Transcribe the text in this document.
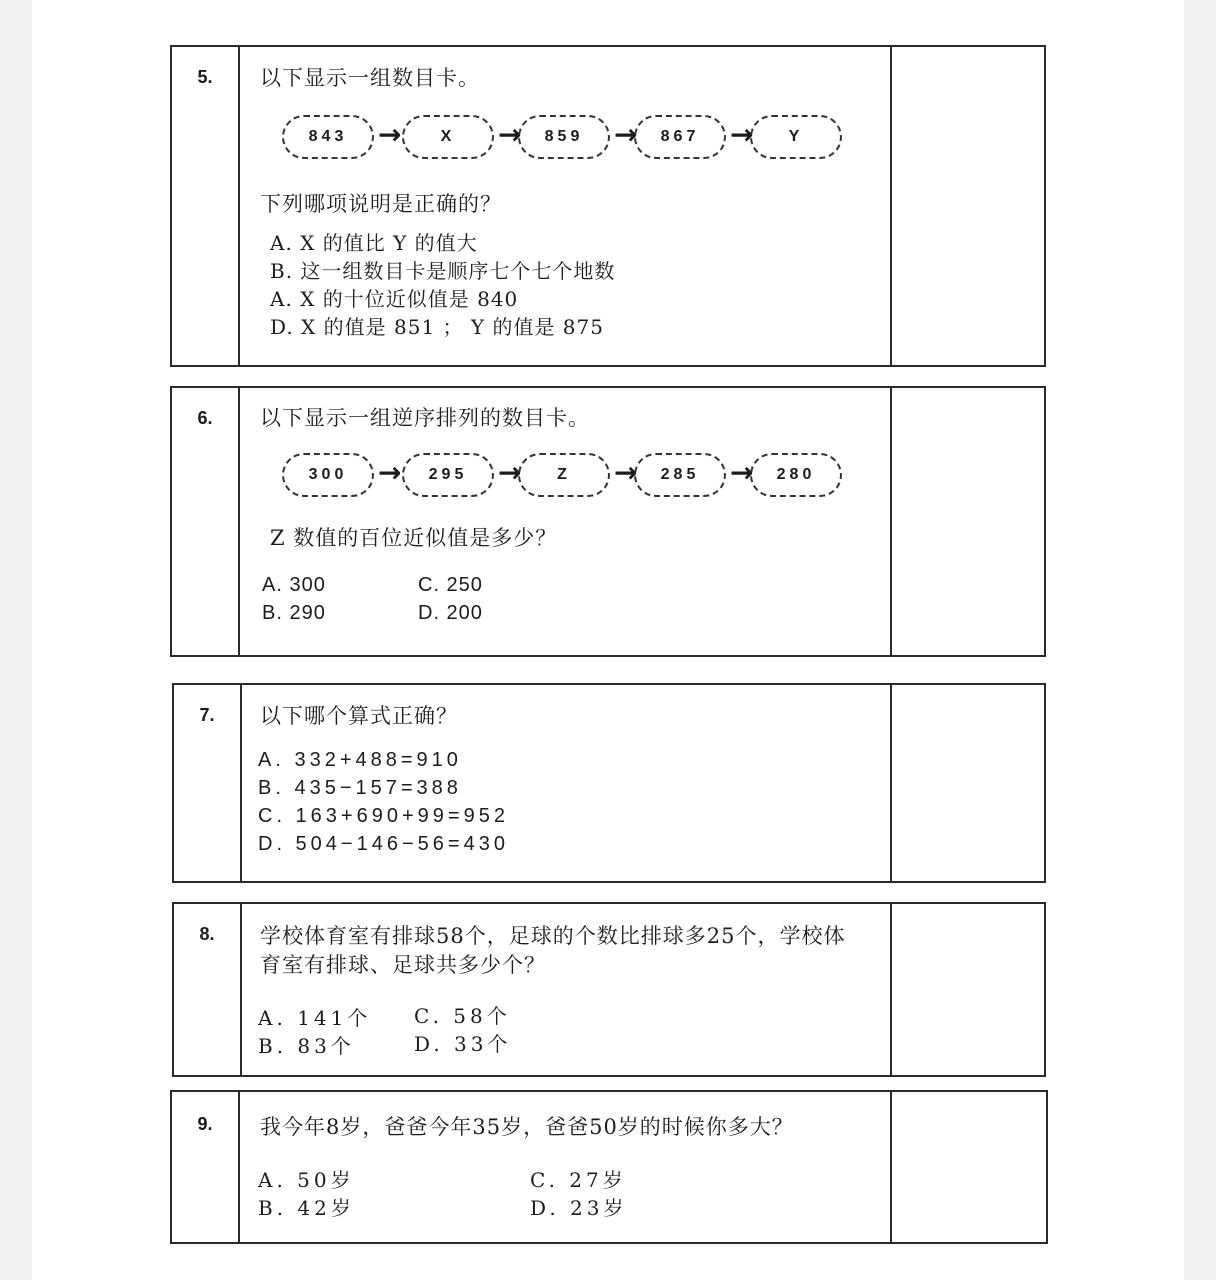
5.	以下显示一组数目卡。
843	→	X	→	859	→	867	→	Y
下列哪项说明是正确的？
A. X 的值比 Y 的值大
B. 这一组数目卡是顺序七个七个地数
A. X 的十位近似值是 840
D. X 的值是 851 ； Y 的值是 875
6.	以下显示一组逆序排列的数目卡。
300	→	295	→	Z	→	285	→	280
Z 数值的百位近似值是多少？
A. 300
B. 290
C. 250
D. 200
7.	以下哪个算式正确？
A. 332+488=910
B. 435−157=388
C. 163+690+99=952
D. 504−146−56=430
8.	学校体育室有排球58个，足球的个数比排球多25个，学校体
育室有排球、足球共多少个？
A. 141个
B. 83个
C. 58个
D. 33个
9.	我今年8岁，爸爸今年35岁，爸爸50岁的时候你多大？
A. 50岁
B. 42岁
C. 27岁
D. 23岁
